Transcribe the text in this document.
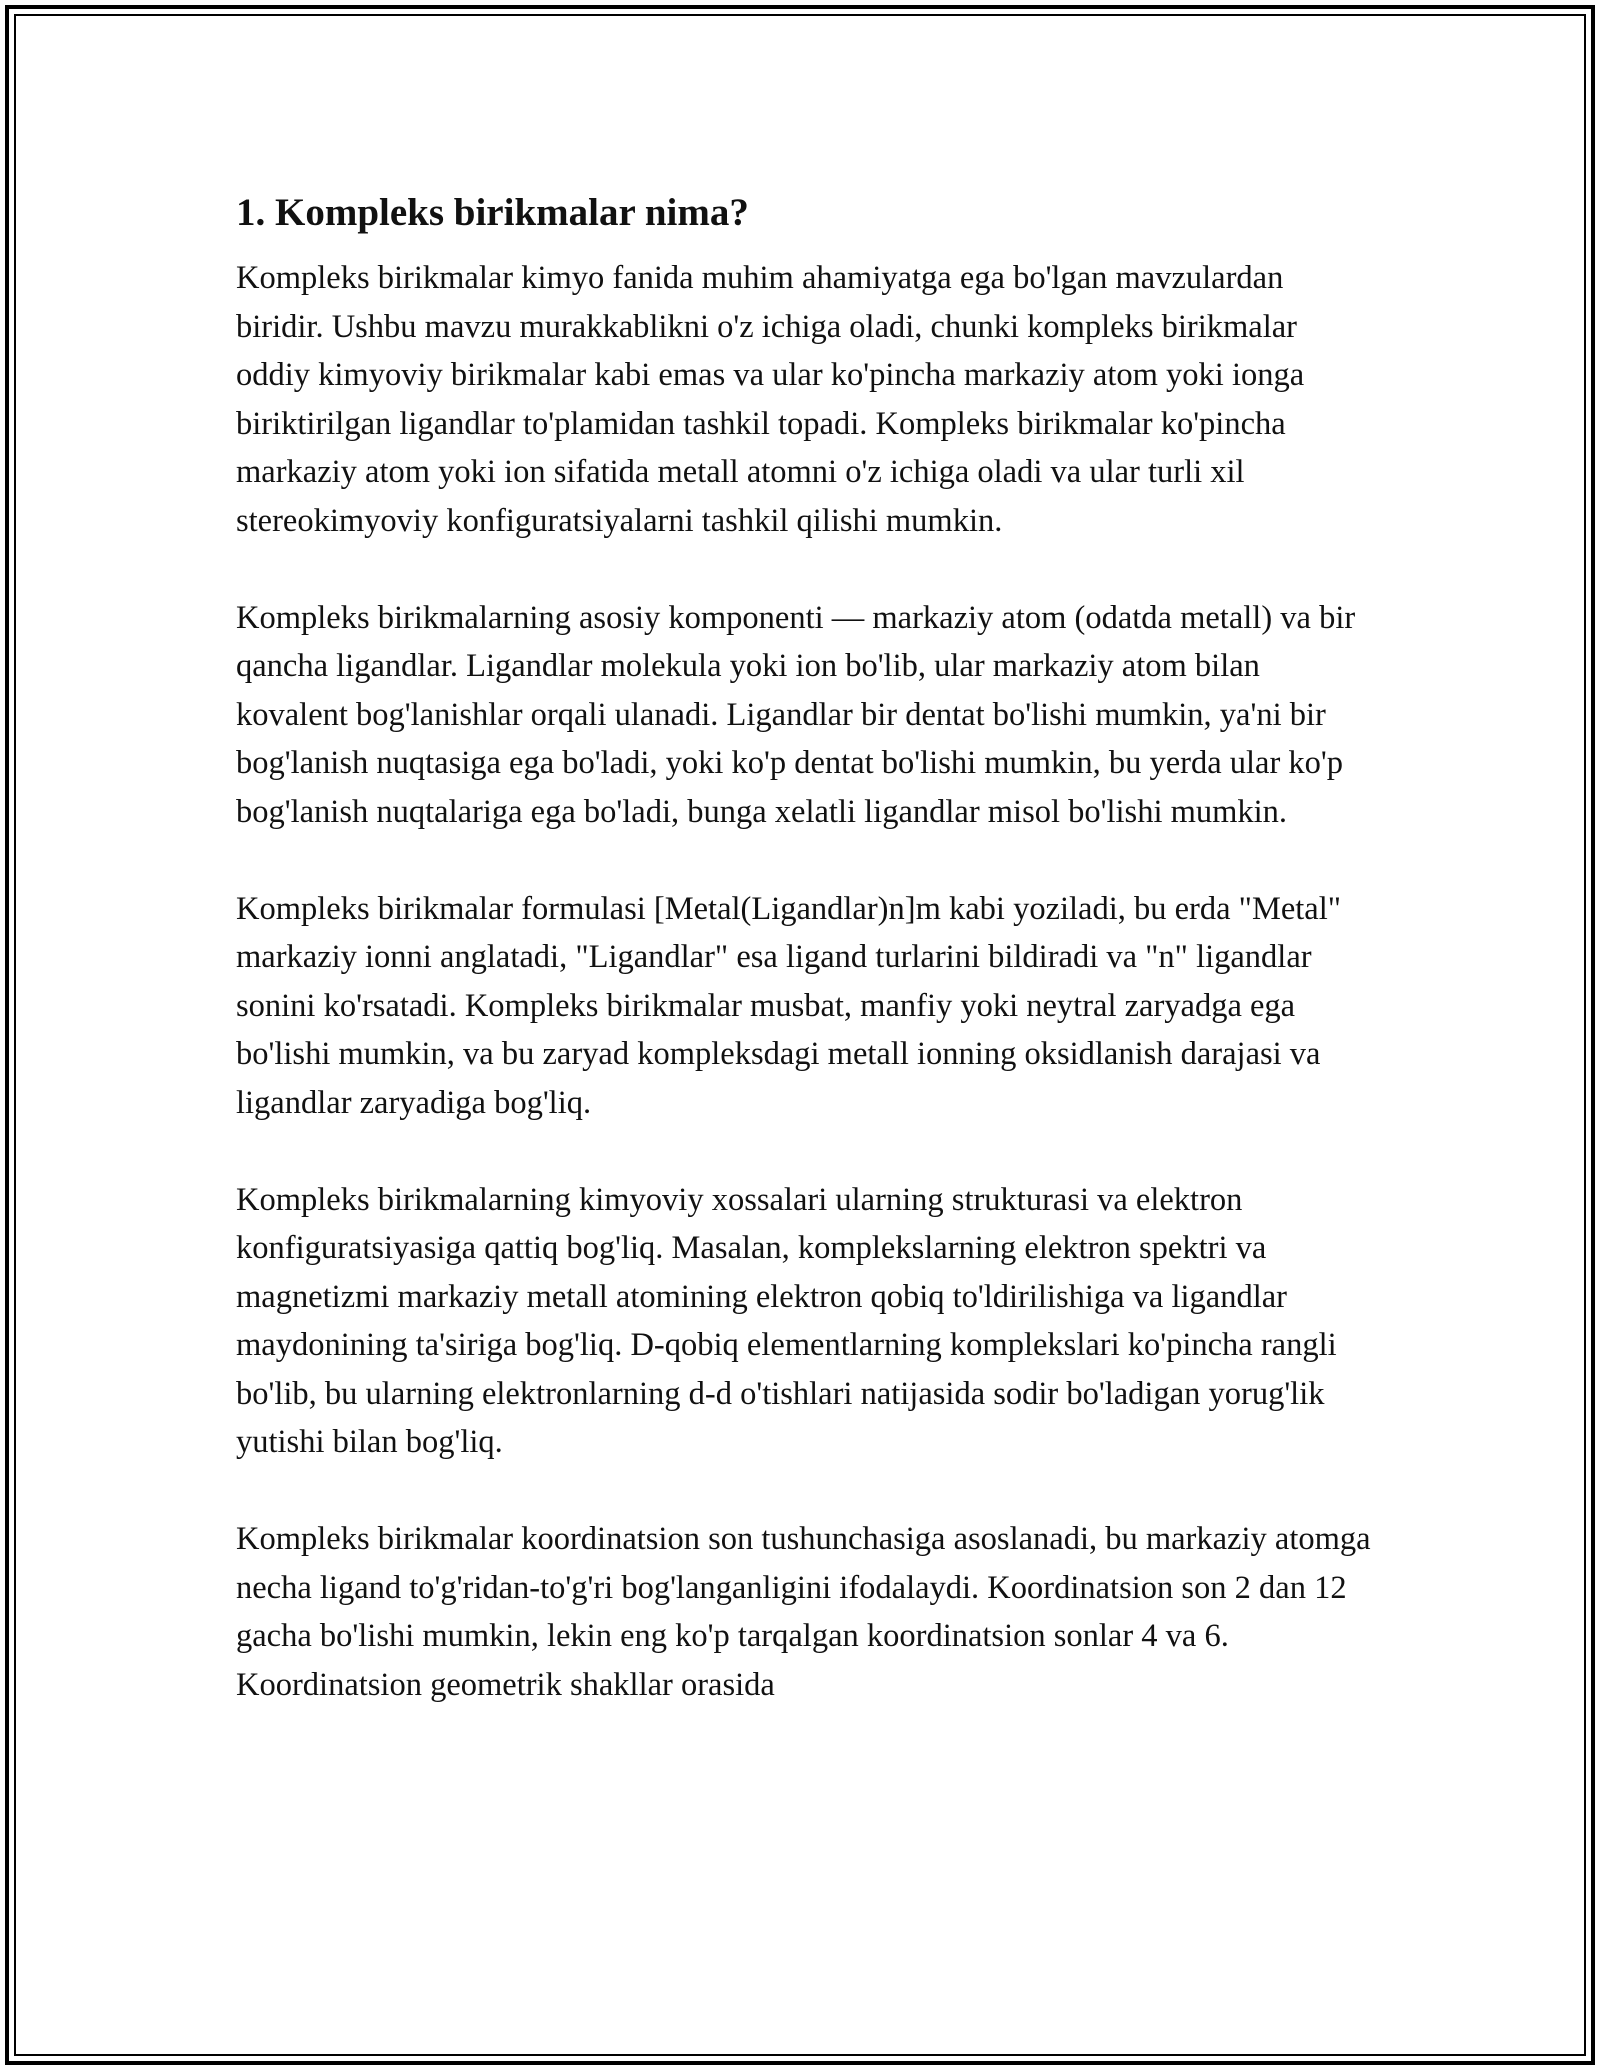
1. Kompleks birikmalar nima?

Kompleks birikmalar kimyo fanida muhim ahamiyatga ega bo'lgan mavzulardan biridir. Ushbu mavzu murakkablikni o'z ichiga oladi, chunki kompleks birikmalar oddiy kimyoviy birikmalar kabi emas va ular ko'pincha markaziy atom yoki ionga biriktirilgan ligandlar to'plamidan tashkil topadi. Kompleks birikmalar ko'pincha markaziy atom yoki ion sifatida metall atomni o'z ichiga oladi va ular turli xil stereokimyoviy konfiguratsiyalarni tashkil qilishi mumkin.

Kompleks birikmalarning asosiy komponenti — markaziy atom (odatda metall) va bir qancha ligandlar. Ligandlar molekula yoki ion bo'lib, ular markaziy atom bilan kovalent bog'lanishlar orqali ulanadi. Ligandlar bir dentat bo'lishi mumkin, ya'ni bir bog'lanish nuqtasiga ega bo'ladi, yoki ko'p dentat bo'lishi mumkin, bu yerda ular ko'p bog'lanish nuqtalariga ega bo'ladi, bunga xelatli ligandlar misol bo'lishi mumkin.

Kompleks birikmalar formulasi [Metal(Ligandlar)n]m kabi yoziladi, bu erda "Metal" markaziy ionni anglatadi, "Ligandlar" esa ligand turlarini bildiradi va "n" ligandlar sonini ko'rsatadi. Kompleks birikmalar musbat, manfiy yoki neytral zaryadga ega bo'lishi mumkin, va bu zaryad kompleksdagi metall ionning oksidlanish darajasi va ligandlar zaryadiga bog'liq.

Kompleks birikmalarning kimyoviy xossalari ularning strukturasi va elektron konfiguratsiyasiga qattiq bog'liq. Masalan, komplekslarning elektron spektri va magnetizmi markaziy metall atomining elektron qobiq to'ldirilishiga va ligandlar maydonining ta'siriga bog'liq. D-qobiq elementlarning komplekslari ko'pincha rangli bo'lib, bu ularning elektronlarning d-d o'tishlari natijasida sodir bo'ladigan yorug'lik yutishi bilan bog'liq.

Kompleks birikmalar koordinatsion son tushunchasiga asoslanadi, bu markaziy atomga necha ligand to'g'ridan-to'g'ri bog'langanligini ifodalaydi. Koordinatsion son 2 dan 12 gacha bo'lishi mumkin, lekin eng ko'p tarqalgan koordinatsion sonlar 4 va 6. Koordinatsion geometrik shakllar orasida
